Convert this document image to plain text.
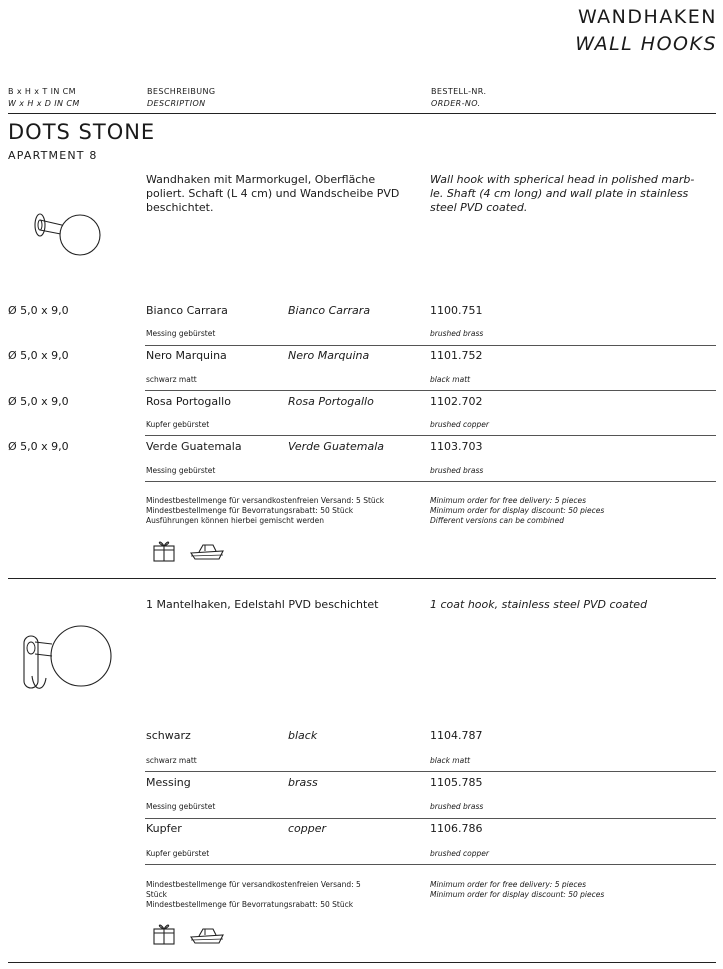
WANDHAKEN
WALL HOOKS
B x H x T IN CM
W x H x D IN CM
BESCHREIBUNG
DESCRIPTION
BESTELL-NR.
ORDER-NO.
DOTS STONE
APARTMENT 8
Wandhaken mit Marmorkugel, Oberfläche
poliert. Schaft (L 4 cm) und Wandscheibe PVD
beschichtet.
Wall hook with spherical head in polished marb-
le. Shaft (4 cm long) and wall plate in stainless
steel PVD coated.
Ø 5,0 x 9,0	Bianco Carrara	Bianco Carrara	1100.751
Messing gebürstet	brushed brass
Ø 5,0 x 9,0	Nero Marquina	Nero Marquina	1101.752
schwarz matt	black matt
Ø 5,0 x 9,0	Rosa Portogallo	Rosa Portogallo	1102.702
Kupfer gebürstet	brushed copper
Ø 5,0 x 9,0	Verde Guatemala	Verde Guatemala	1103.703
Messing gebürstet	brushed brass
Mindestbestellmenge für versandkostenfreien Versand: 5 Stück
Mindestbestellmenge für Bevorratungsrabatt: 50 Stück
Ausführungen können hierbei gemischt werden
Minimum order for free delivery: 5 pieces
Minimum order for display discount: 50 pieces
Different versions can be combined
1 Mantelhaken, Edelstahl PVD beschichtet	1 coat hook, stainless steel PVD coated
schwarz	black	1104.787
schwarz matt	black matt
Messing	brass	1105.785
Messing gebürstet	brushed brass
Kupfer	copper	1106.786
Kupfer gebürstet	brushed copper
Mindestbestellmenge für versandkostenfreien Versand: 5
Stück
Mindestbestellmenge für Bevorratungsrabatt: 50 Stück
Minimum order for free delivery: 5 pieces
Minimum order for display discount: 50 pieces
